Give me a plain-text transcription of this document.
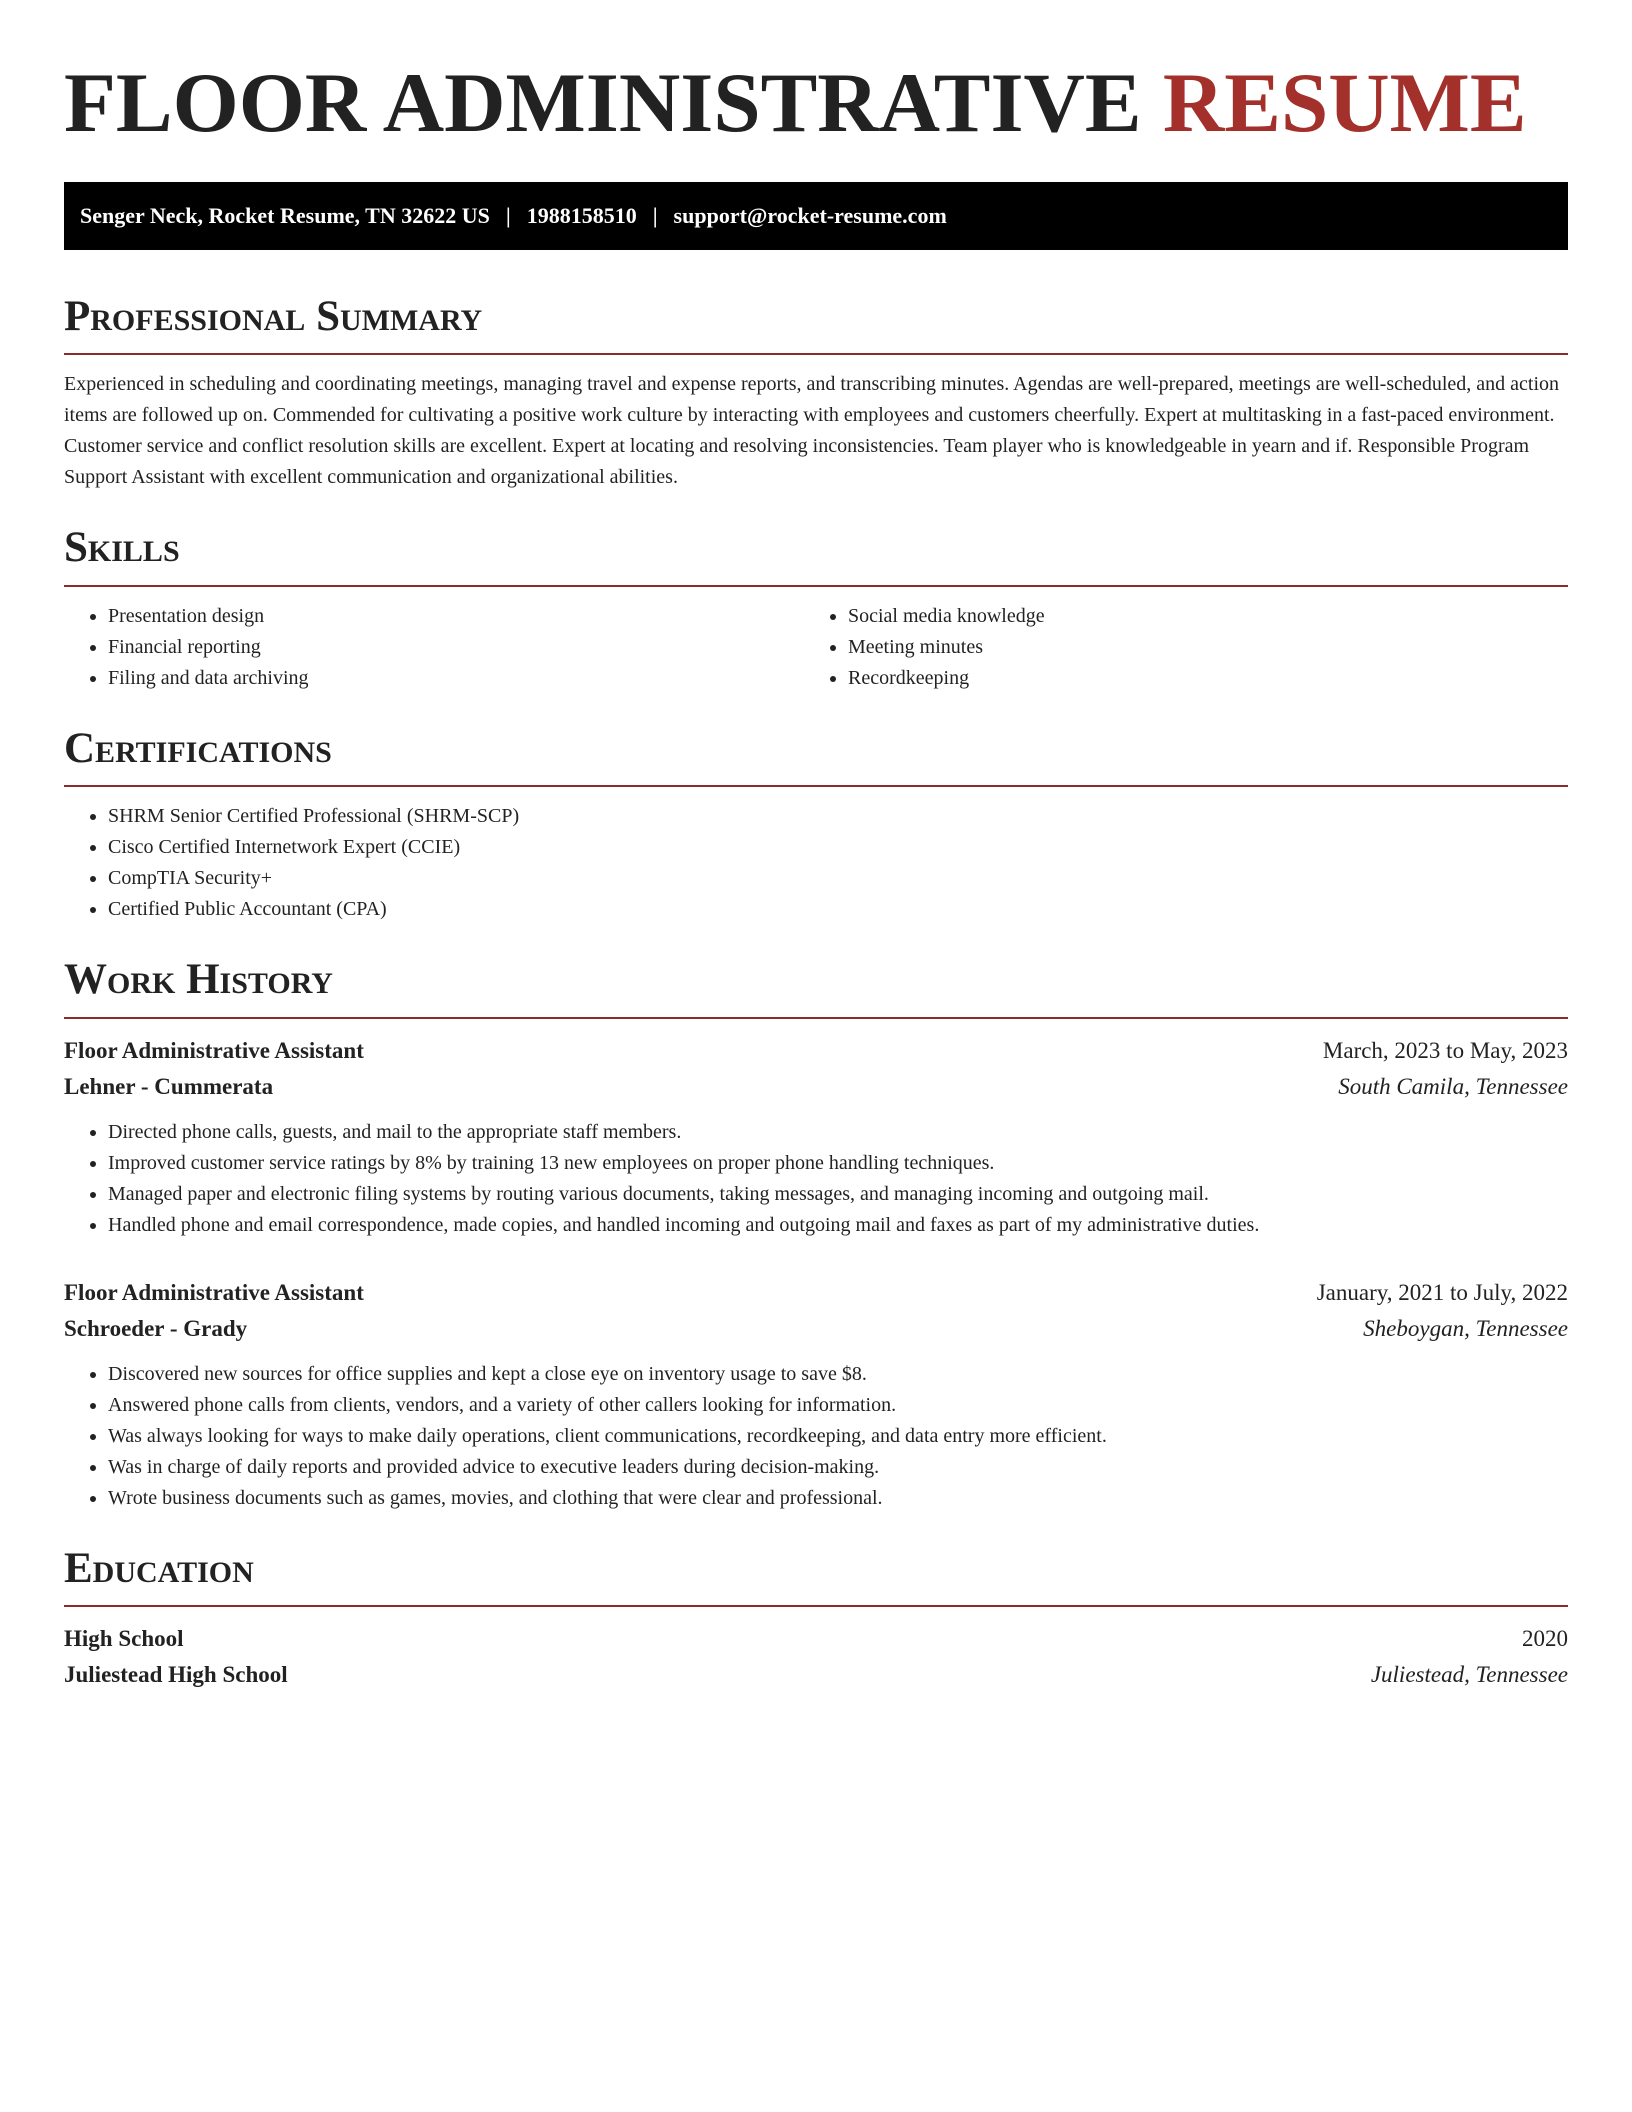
FLOOR ADMINISTRATIVE RESUME
Senger Neck, Rocket Resume, TN 32622 US | 1988158510 | support@rocket-resume.com
Professional Summary

Experienced in scheduling and coordinating meetings, managing travel and expense reports, and transcribing minutes. Agendas are well-prepared, meetings are well-scheduled, and action items are followed up on. Commended for cultivating a positive work culture by interacting with employees and customers cheerfully. Expert at multitasking in a fast-paced environment. Customer service and conflict resolution skills are excellent. Expert at locating and resolving inconsistencies. Team player who is knowledgeable in yearn and if. Responsible Program Support Assistant with excellent communication and organizational abilities.

Skills
• Presentation design
• Financial reporting
• Filing and data archiving
• Social media knowledge
• Meeting minutes
• Recordkeeping
Certifications
• SHRM Senior Certified Professional (SHRM-SCP)
• Cisco Certified Internetwork Expert (CCIE)
• CompTIA Security+
• Certified Public Accountant (CPA)
Work History
Floor Administrative Assistant	March, 2023 to May, 2023
Lehner - Cummerata	South Camila, Tennessee
• Directed phone calls, guests, and mail to the appropriate staff members.
• Improved customer service ratings by 8% by training 13 new employees on proper phone handling techniques.
• Managed paper and electronic filing systems by routing various documents, taking messages, and managing incoming and outgoing mail.
• Handled phone and email correspondence, made copies, and handled incoming and outgoing mail and faxes as part of my administrative duties.
Floor Administrative Assistant	January, 2021 to July, 2022
Schroeder - Grady	Sheboygan, Tennessee
• Discovered new sources for office supplies and kept a close eye on inventory usage to save $8.
• Answered phone calls from clients, vendors, and a variety of other callers looking for information.
• Was always looking for ways to make daily operations, client communications, recordkeeping, and data entry more efficient.
• Was in charge of daily reports and provided advice to executive leaders during decision-making.
• Wrote business documents such as games, movies, and clothing that were clear and professional.
Education
High School	2020
Juliestead High School	Juliestead, Tennessee
